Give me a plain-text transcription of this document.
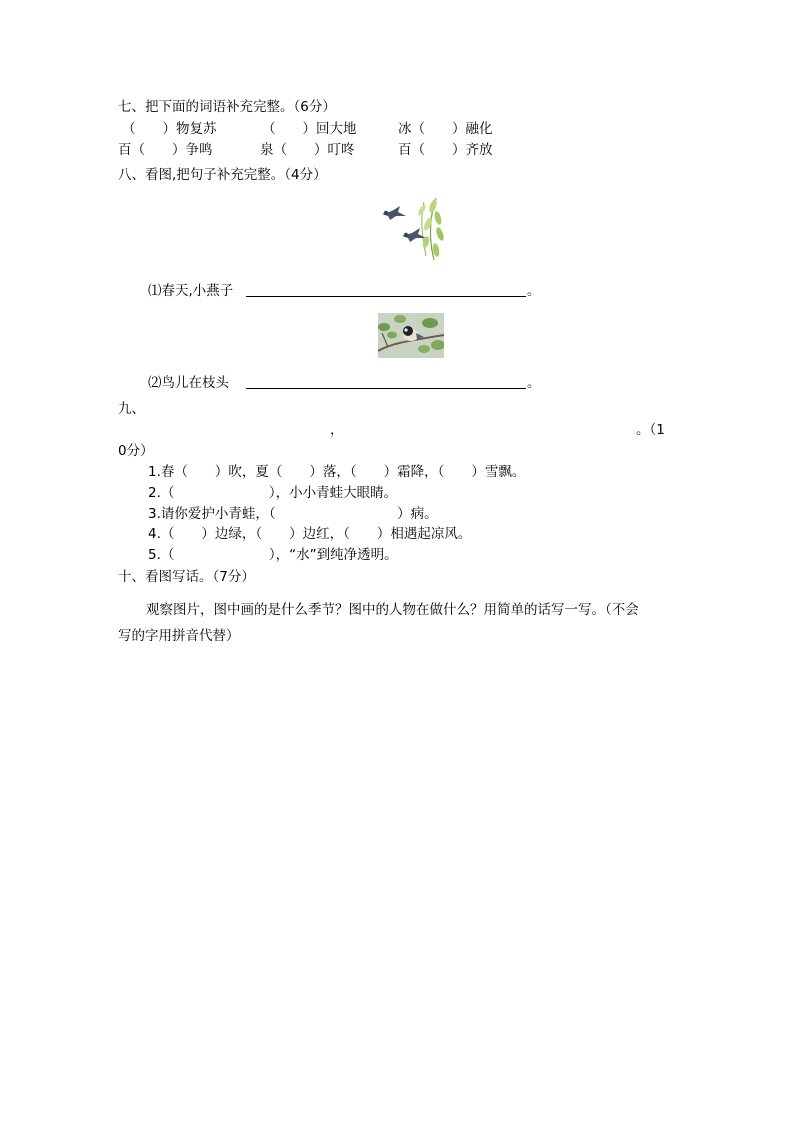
七、把下面的词语补充完整。（6分）
（　　）物复苏	（　　）回大地	冰（　　）融化
百（　　）争鸣	泉（　　）叮咚	百（　　）齐放
八、看图,把句子补充完整。（4分）
⑴春天,小燕子	。
⑵鸟儿在枝头	。
九、
，	。（1
0分）
1.春（　　）吹，夏（　　）落，（　　）霜降，（　　）雪飘。
2.（　　　　　　　），小小青蛙大眼睛。
3.请你爱护小青蛙，（　　　　　　　　　）病。
4.（　　）边绿，（　　）边红，（　　）相遇起凉风。
5.（　　　　　　　），“水”到纯净透明。
十、看图写话。（7分）
观察图片，图中画的是什么季节？图中的人物在做什么？用简单的话写一写。（不会
写的字用拼音代替）
